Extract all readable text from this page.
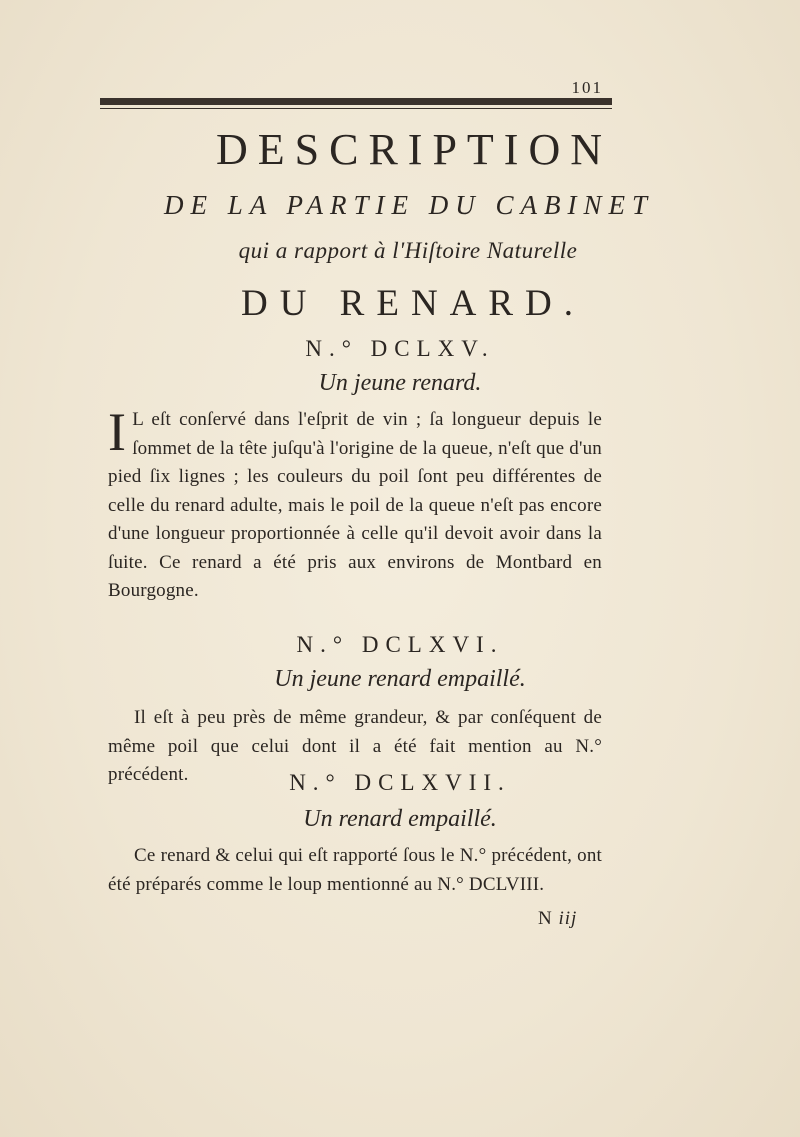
101
DESCRIPTION
DE LA PARTIE DU CABINET
qui a rapport à l'Hiſtoire Naturelle
DU RENARD.
N.° DCLXV.
Un jeune renard.
I L eſt conſervé dans l'eſprit de vin ; ſa longueur depuis le ſommet de la tête juſqu'à l'origine de la queue, n'eſt que d'un pied ſix lignes ; les couleurs du poil ſont peu différentes de celle du renard adulte, mais le poil de la queue n'eſt pas encore d'une longueur proportionnée à celle qu'il devoit avoir dans la ſuite. Ce renard a été pris aux environs de Montbard en Bourgogne.
N.° DCLXVI.
Un jeune renard empaillé.
Il eſt à peu près de même grandeur, & par conſéquent de même poil que celui dont il a été fait mention au N.° précédent.	N.° DCLXVII.
Un renard empaillé.
Ce renard & celui qui eſt rapporté ſous le N.° précédent, ont été préparés comme le loup mentionné au N.° DCLVIII.
N iij
